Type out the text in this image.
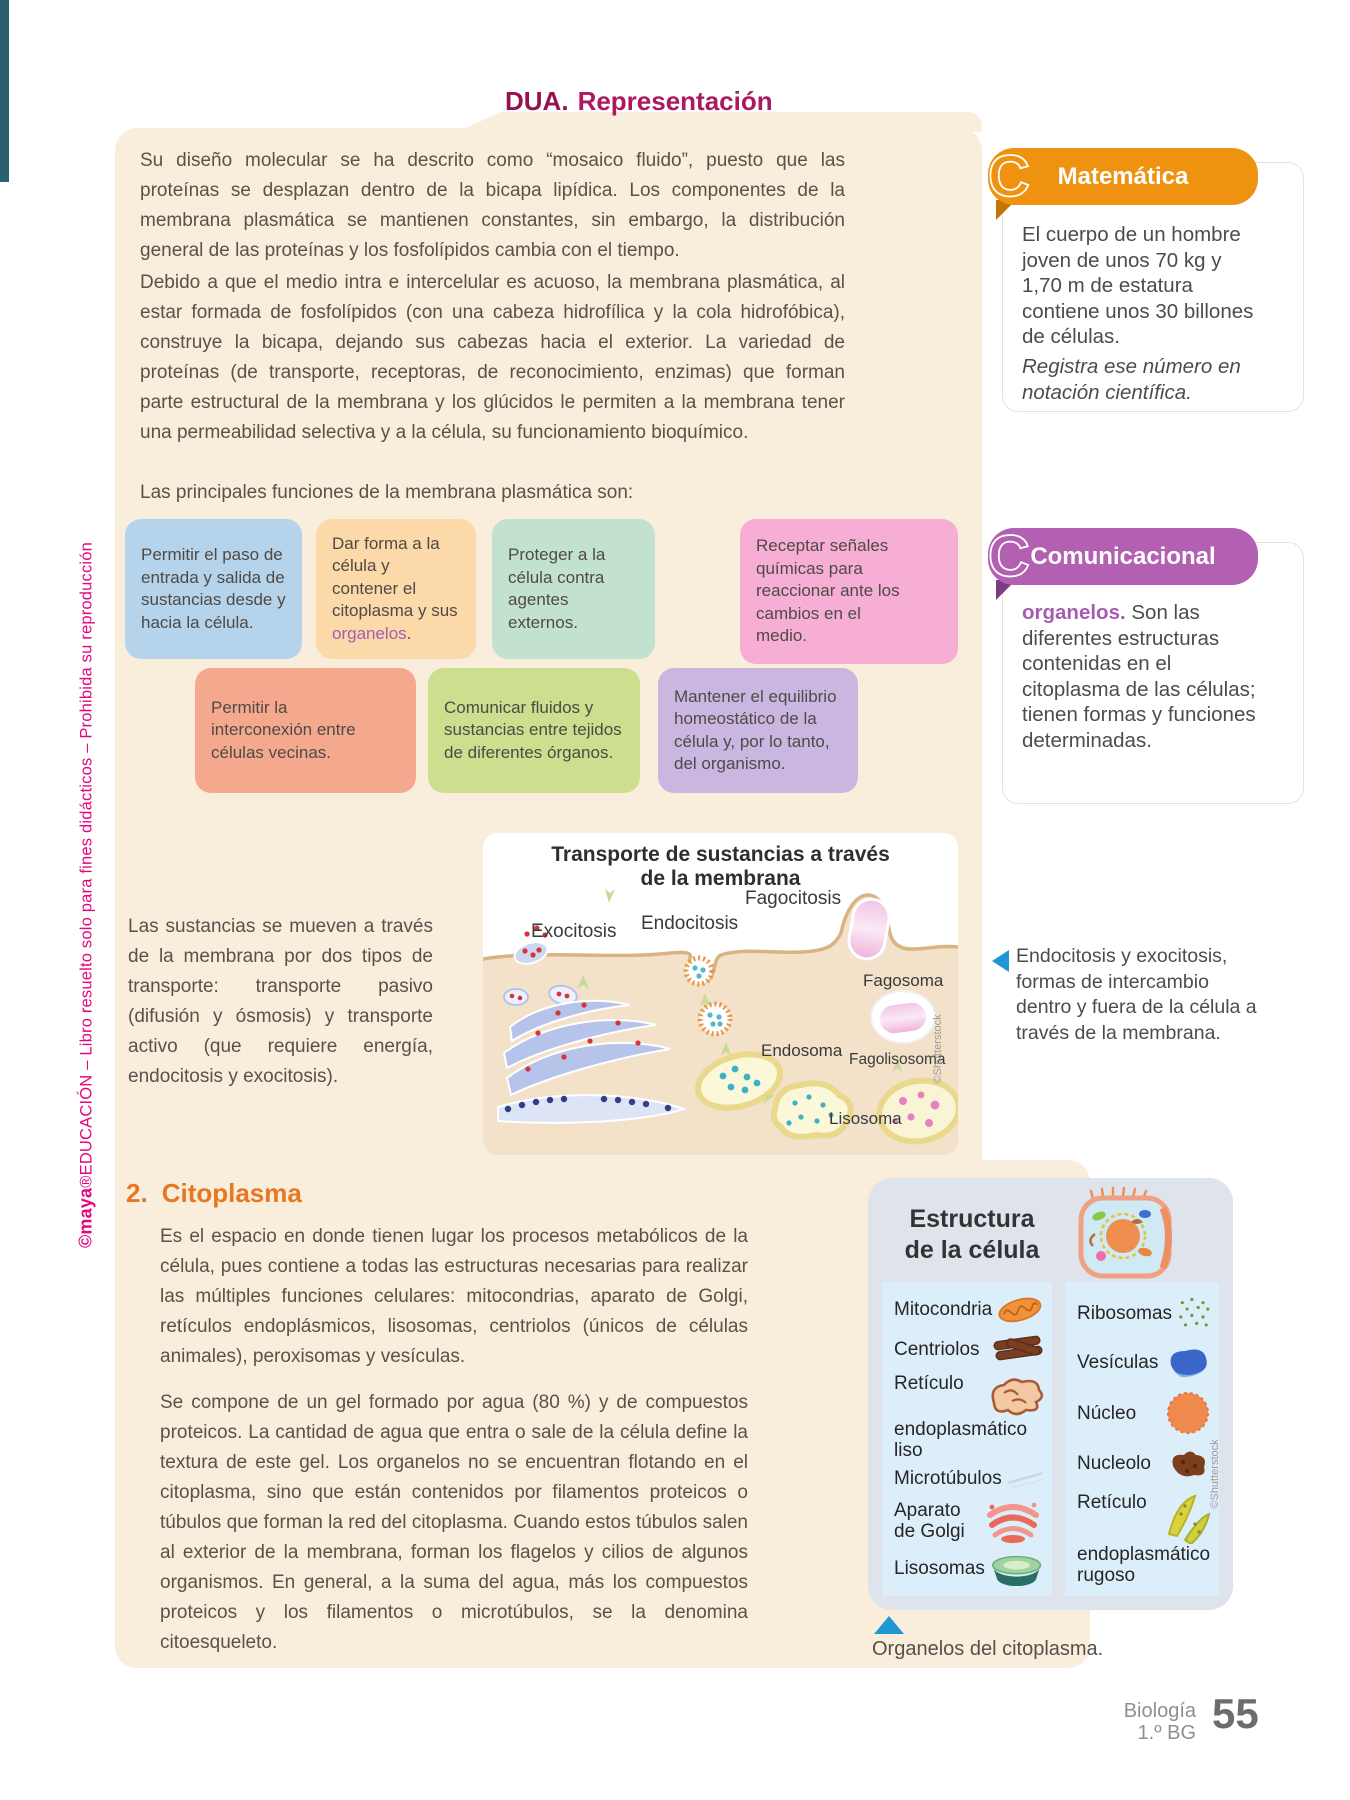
©maya®EDUCACIÓN – Libro resuelto solo para fines didácticos – Prohibida su reproducción
DUA. Representación
Su diseño molecular se ha descrito como “mosaico fluido”, puesto que las proteínas se desplazan dentro de la bicapa lipídica. Los componentes de la membrana plasmática se mantienen constantes, sin embargo, la distribución general de las proteínas y los fosfolípidos cambia con el tiempo.
Debido a que el medio intra e intercelular es acuoso, la membrana plasmática, al estar formada de fosfolípidos (con una cabeza hidrofílica y la cola hidrofóbica), construye la bicapa, dejando sus cabezas hacia el exterior. La variedad de proteínas (de transporte, receptoras, de reconocimiento, enzimas) que forman parte estructural de la membrana y los glúcidos le permiten a la membrana tener una permeabilidad selectiva y a la célula, su funcionamiento bioquímico.
Las principales funciones de la membrana plasmática son:
Permitir el paso de entrada y salida de sustancias desde y hacia la célula.
Dar forma a la célula y contener el citoplasma y sus organelos.
Proteger a la célula contra agentes externos.
Receptar señales químicas para reaccionar ante los cambios en el medio.
Permitir la interconexión entre células vecinas.
Comunicar fluidos y sustancias entre tejidos de diferentes órganos.
Mantener el equilibrio homeostático de la célula y, por lo tanto, del organismo.
Las sustancias se mueven a través de la membrana por dos tipos de transporte: transporte pasivo (difusión y ósmosis) y transporte activo (que requiere energía, endocitosis y exocitosis).
Transporte de sustancias a través
de la membrana
Exocitosis Endocitosis
Fagocitosis
Fagosoma
Endosoma Fagolisosoma
Lisosoma
©Shutterstock
2. Citoplasma
Es el espacio en donde tienen lugar los procesos metabólicos de la célula, pues contiene a todas las estructuras necesarias para realizar las múltiples funciones celulares: mitocondrias, aparato de Golgi, retículos endoplásmicos, lisosomas, centriolos (únicos de células animales), peroxisomas y vesículas.
Se compone de un gel formado por agua (80 %) y de compuestos proteicos. La cantidad de agua que entra o sale de la célula define la textura de este gel. Los organelos no se encuentran flotando en el citoplasma, sino que están contenidos por filamentos proteicos o túbulos que forman la red del citoplasma. Cuando estos túbulos salen al exterior de la membrana, forman los flagelos y cilios de algunos organismos. En general, a la suma del agua, más los compuestos proteicos y los filamentos o microtúbulos, se la denomina citoesqueleto.
Matemática
C
El cuerpo de un hombre joven de unos 70 kg y 1,70 m de estatura contiene unos 30 billones de células.
Registra ese número en notación científica.
Comunicacional
C
organelos. Son las diferentes estructuras contenidas en el citoplasma de las células; tienen formas y funciones determinadas.
Endocitosis y exocitosis, formas de intercambio dentro y fuera de la célula a través de la membrana.
Estructura
de la célula
Mitocondria
Centriolos
Retículo endoplasmático liso
Microtúbulos
Aparato de Golgi
Lisosomas
Ribosomas
Vesículas
Núcleo
Nucleolo
Retículo endoplasmático rugoso
©Shutterstock
Organelos del citoplasma.
Biología
1.º BG 55
